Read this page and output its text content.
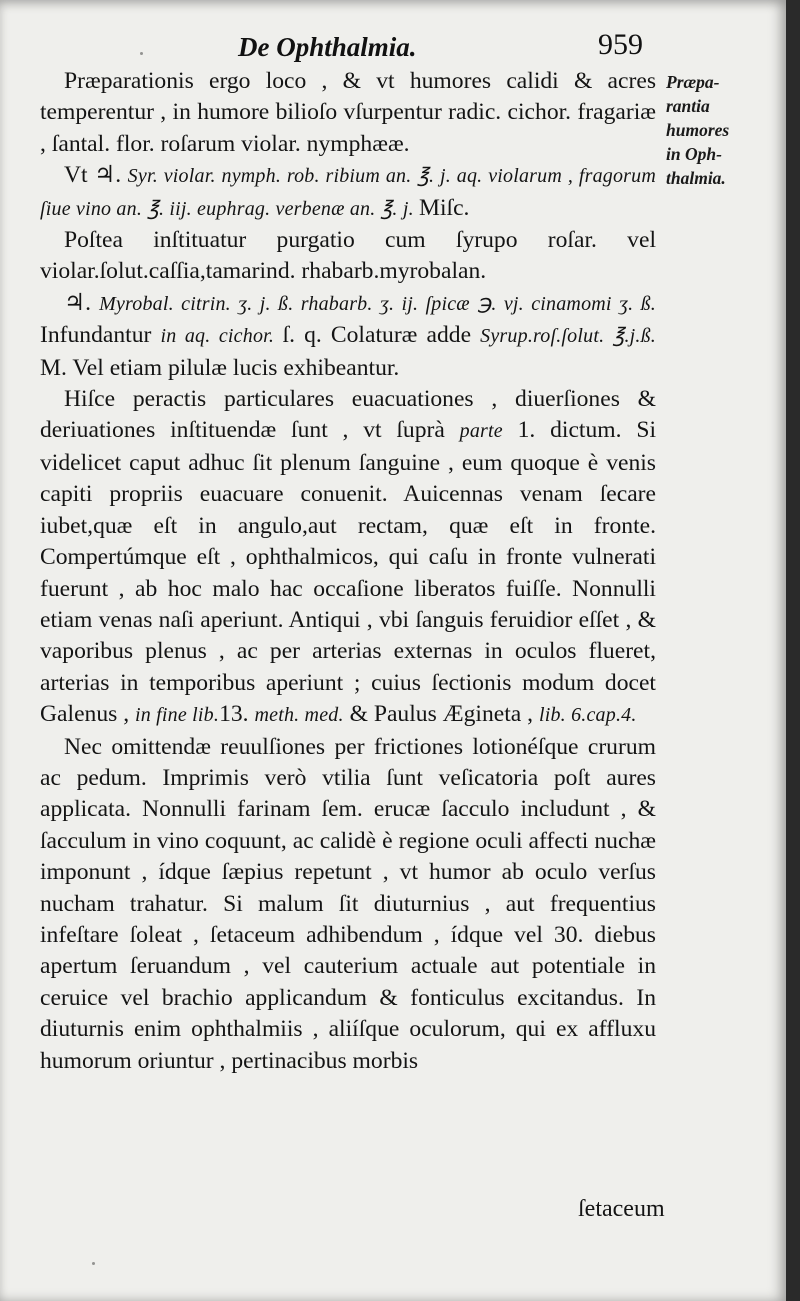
De Ophthalmia.	959

Præparationis ergo loco , & vt humores calidi & acres temperentur , in humore bilioſo vſurpentur radic. cichor. fragariæ , ſantal. flor. roſarum violar. nymphææ.

Vt ♃. Syr. violar. nymph. rob. ribium an. ℥. j. aq. violarum , fragorum ſiue vino an. ℥. iij. euphrag. verbenæ an. ℥. j. Miſc.

Poſtea inſtituatur purgatio cum ſyrupo roſar. vel violar.ſolut.caſſia,tamarind. rhabarb.myrobalan.

♃. Myrobal. citrin. ʒ. j. ß. rhabarb. ʒ. ij. ſpicæ ℈. vj. cinamomi ʒ. ß. Infundantur in aq. cichor. ſ. q. Colaturæ adde Syrup.roſ.ſolut. ℥.j.ß. M. Vel etiam pilulæ lucis exhibeantur.

Hiſce peractis particulares euacuationes , diuerſiones & deriuationes inſtituendæ ſunt , vt ſuprà parte 1. dictum. Si videlicet caput adhuc ſit plenum ſanguine , eum quoque è venis capiti propriis euacuare conuenit. Auicennas venam ſecare iubet,quæ eſt in angulo,aut rectam, quæ eſt in fronte. Compertúmque eſt , ophthalmicos, qui caſu in fronte vulnerati fuerunt , ab hoc malo hac occaſione liberatos fuiſſe. Nonnulli etiam venas naſi aperiunt. Antiqui , vbi ſanguis feruidior eſſet , & vaporibus plenus , ac per arterias externas in oculos flueret, arterias in temporibus aperiunt ; cuius ſectionis modum docet Galenus , in fine lib.13. meth. med. & Paulus Ægineta , lib. 6.cap.4.

Nec omittendæ reuulſiones per frictiones lotionéſque crurum ac pedum. Imprimis verò vtilia ſunt veſicatoria poſt aures applicata. Nonnulli farinam ſem. erucæ ſacculo includunt , & ſacculum in vino coquunt, ac calidè è regione oculi affecti nuchæ imponunt , ídque ſæpius repetunt , vt humor ab oculo verſus nucham trahatur. Si malum ſit diuturnius , aut frequentius infeſtare ſoleat , ſetaceum adhibendum , ídque vel 30. diebus apertum ſeruandum , vel cauterium actuale aut potentiale in ceruice vel brachio applicandum & fonticulus excitandus. In diuturnis enim ophthalmiis , aliíſque oculorum, qui ex affluxu humorum oriuntur , pertinacibus morbis

Præpa-
rantia
humores
in Oph-
thalmia.
ſetaceum
